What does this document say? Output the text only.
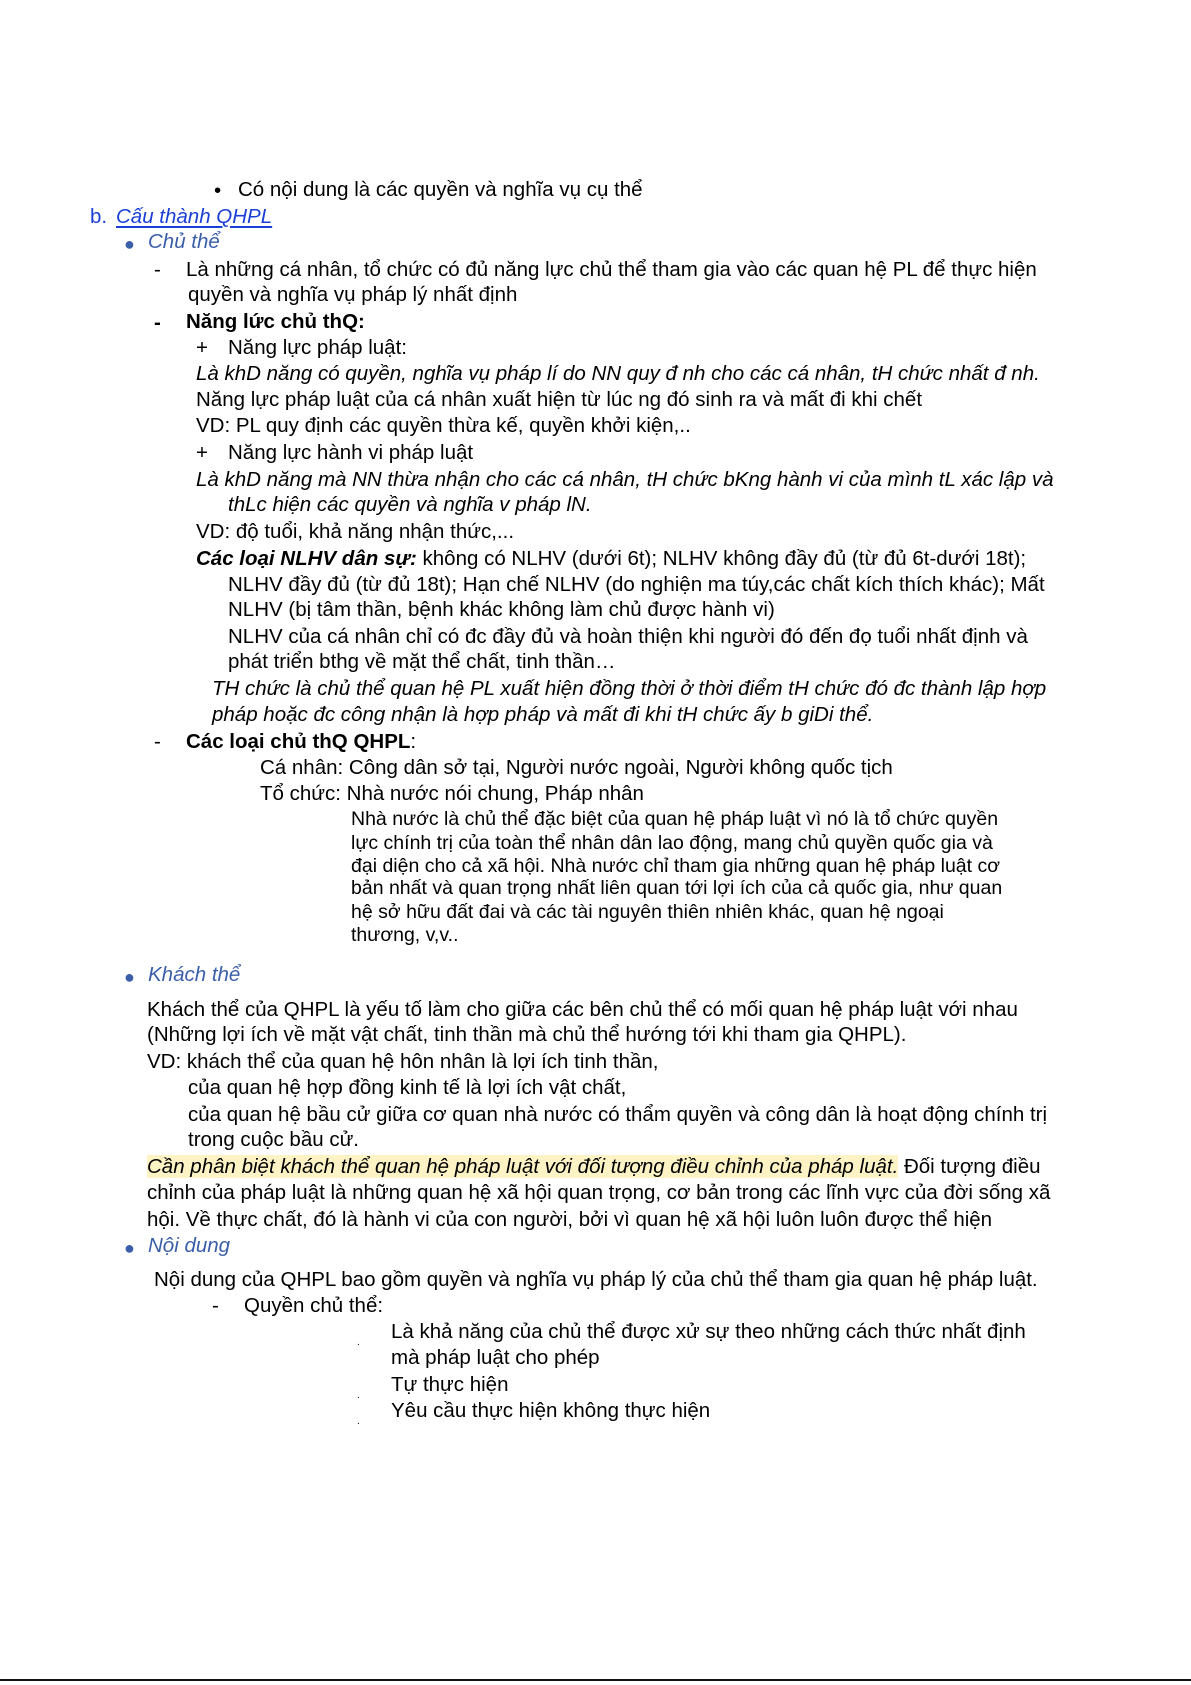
• Có nội dung là các quyền và nghĩa vụ cụ thể
b. Cấu thành QHPL
● Chủ thể
- Là những cá nhân, tổ chức có đủ năng lực chủ thể tham gia vào các quan hệ PL để thực hiện
quyền và nghĩa vụ pháp lý nhất định
- Năng lức chủ thQ:
+ Năng lực pháp luật:
Là khD năng có quyền, nghĩa vụ pháp lí do NN quy đ nh cho các cá nhân, tH chức nhất đ nh.
Năng lực pháp luật của cá nhân xuất hiện từ lúc ng đó sinh ra và mất đi khi chết
VD: PL quy định các quyền thừa kế, quyền khởi kiện,..
+ Năng lực hành vi pháp luật
Là khD năng mà NN thừa nhận cho các cá nhân, tH chức bKng hành vi của mình tL xác lập và
thLc hiện các quyền và nghĩa v pháp lN.
VD: độ tuổi, khả năng nhận thức,...
Các loại NLHV dân sự: không có NLHV (dưới 6t); NLHV không đầy đủ (từ đủ 6t-dưới 18t);
NLHV đầy đủ (từ đủ 18t); Hạn chế NLHV (do nghiện ma túy,các chất kích thích khác); Mất
NLHV (bị tâm thần, bệnh khác không làm chủ được hành vi)
NLHV của cá nhân chỉ có đc đầy đủ và hoàn thiện khi người đó đến đọ tuổi nhất định và
phát triển bthg về mặt thể chất, tinh thần…
TH chức là chủ thể quan hệ PL xuất hiện đồng thời ở thời điểm tH chức đó đc thành lập hợp
pháp hoặc đc công nhận là hợp pháp và mất đi khi tH chức ấy b giDi thể.
- Các loại chủ thQ QHPL:
Cá nhân: Công dân sở tại, Người nước ngoài, Người không quốc tịch
Tổ chức: Nhà nước nói chung, Pháp nhân
Nhà nước là chủ thể đặc biệt của quan hệ pháp luật vì nó là tổ chức quyền
lực chính trị của toàn thể nhân dân lao động, mang chủ quyền quốc gia và
đại diện cho cả xã hội. Nhà nước chỉ tham gia những quan hệ pháp luật cơ
bản nhất và quan trọng nhất liên quan tới lợi ích của cả quốc gia, như quan
hệ sở hữu đất đai và các tài nguyên thiên nhiên khác, quan hệ ngoại
thương, v,v..
● Khách thể
Khách thể của QHPL là yếu tố làm cho giữa các bên chủ thể có mối quan hệ pháp luật với nhau
(Những lợi ích về mặt vật chất, tinh thần mà chủ thể hướng tới khi tham gia QHPL).
VD: khách thể của quan hệ hôn nhân là lợi ích tinh thần,
của quan hệ hợp đồng kinh tế là lợi ích vật chất,
của quan hệ bầu cử giữa cơ quan nhà nước có thẩm quyền và công dân là hoạt động chính trị
trong cuộc bầu cử.
Cần phân biệt khách thể quan hệ pháp luật với đối tượng điều chỉnh của pháp luật. Đối tượng điều
chỉnh của pháp luật là những quan hệ xã hội quan trọng, cơ bản trong các lĩnh vực của đời sống xã
hội. Về thực chất, đó là hành vi của con người, bởi vì quan hệ xã hội luôn luôn được thể hiện
● Nội dung
Nội dung của QHPL bao gồm quyền và nghĩa vụ pháp lý của chủ thể tham gia quan hệ pháp luật.
- Quyền chủ thể:
. Là khả năng của chủ thể được xử sự theo những cách thức nhất định
mà pháp luật cho phép
. Tự thực hiện
. Yêu cầu thực hiện không thực hiện
